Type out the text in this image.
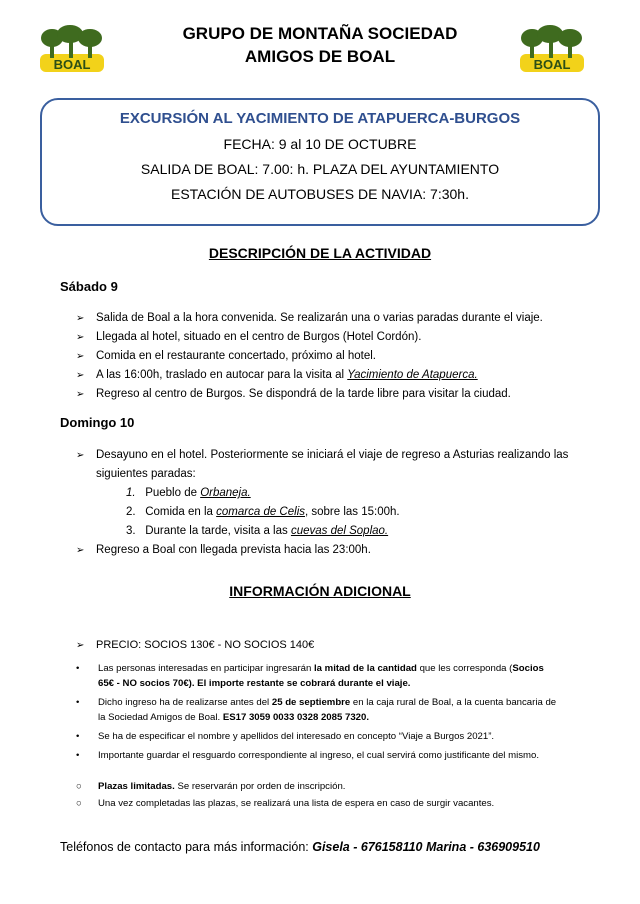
BOAL	BOAL
GRUPO DE MONTAÑA SOCIEDAD
AMIGOS DE BOAL
EXCURSIÓN AL YACIMIENTO DE ATAPUERCA-BURGOS
FECHA: 9 al 10 DE OCTUBRE
SALIDA DE BOAL: 7.00: h. PLAZA DEL AYUNTAMIENTO
ESTACIÓN DE AUTOBUSES DE NAVIA: 7:30h.
DESCRIPCIÓN DE LA ACTIVIDAD
Sábado 9
➢ Salida de Boal a la hora convenida. Se realizarán una o varias paradas durante el viaje.
➢ Llegada al hotel, situado en el centro de Burgos (Hotel Cordón).
➢ Comida en el restaurante concertado, próximo al hotel.
➢ A las 16:00h, traslado en autocar para la visita al Yacimiento de Atapuerca.
➢ Regreso al centro de Burgos. Se dispondrá de la tarde libre para visitar la ciudad.
Domingo 10
➢ Desayuno en el hotel. Posteriormente se iniciará el viaje de regreso a Asturias realizando las
siguientes paradas:
1. Pueblo de Orbaneja.
2. Comida en la comarca de Celis, sobre las 15:00h.
3. Durante la tarde, visita a las cuevas del Soplao.
➢ Regreso a Boal con llegada prevista hacia las 23:00h.
INFORMACIÓN ADICIONAL
➢ PRECIO: SOCIOS 130€ - NO SOCIOS 140€
• Las personas interesadas en participar ingresarán la mitad de la cantidad que les corresponda (Socios
65€ - NO socios 70€). El importe restante se cobrará durante el viaje.
• Dicho ingreso ha de realizarse antes del 25 de septiembre en la caja rural de Boal, a la cuenta bancaria de
la Sociedad Amigos de Boal. ES17 3059 0033 0328 2085 7320.
• Se ha de especificar el nombre y apellidos del interesado en concepto “Viaje a Burgos 2021”.
• Importante guardar el resguardo correspondiente al ingreso, el cual servirá como justificante del mismo.
○ Plazas limitadas. Se reservarán por orden de inscripción.
○ Una vez completadas las plazas, se realizará una lista de espera en caso de surgir vacantes.
Teléfonos de contacto para más información: Gisela - 676158110 Marina - 636909510
